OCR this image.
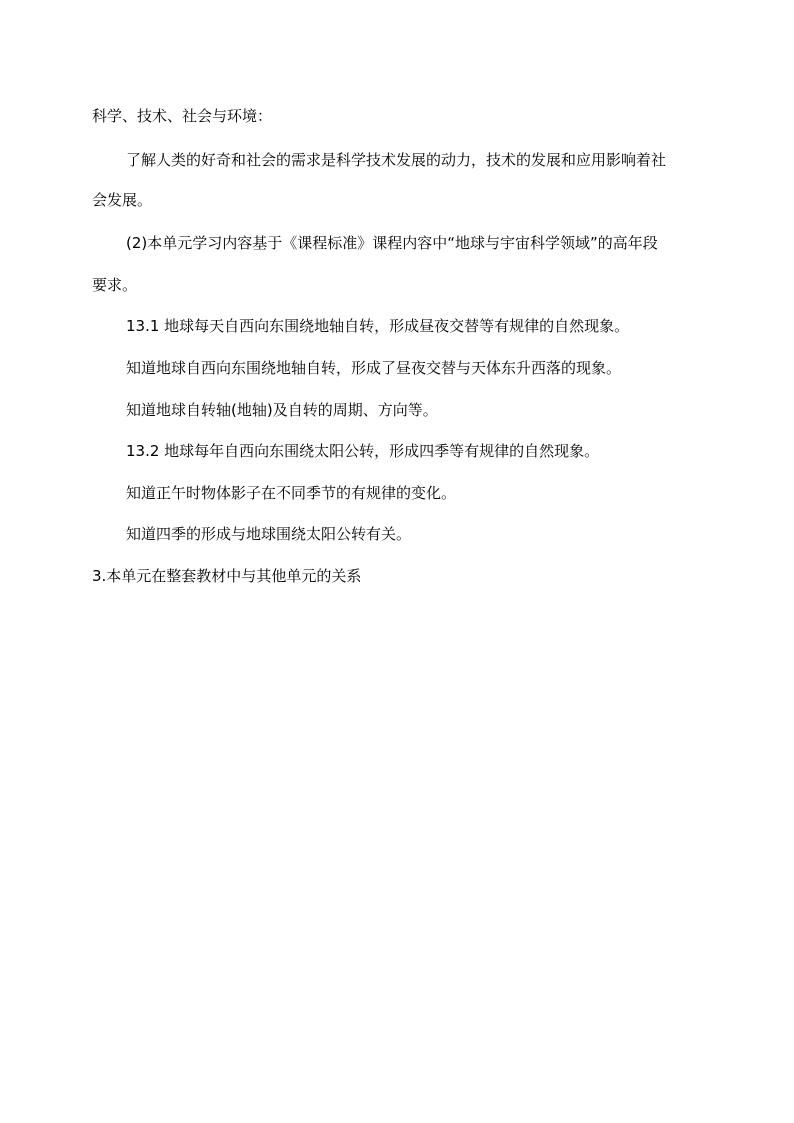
科学、技术、社会与环境：
了解人类的好奇和社会的需求是科学技术发展的动力，技术的发展和应用影响着社
会发展。
(2)本单元学习内容基于《课程标准》课程内容中“地球与宇宙科学领域”的高年段
要求。
13.1 地球每天自西向东围绕地轴自转，形成昼夜交替等有规律的自然现象。
知道地球自西向东围绕地轴自转，形成了昼夜交替与天体东升西落的现象。
知道地球自转轴(地轴)及自转的周期、方向等。
13.2 地球每年自西向东围绕太阳公转，形成四季等有规律的自然现象。
知道正午时物体影子在不同季节的有规律的变化。
知道四季的形成与地球围绕太阳公转有关。
3.本单元在整套教材中与其他单元的关系
